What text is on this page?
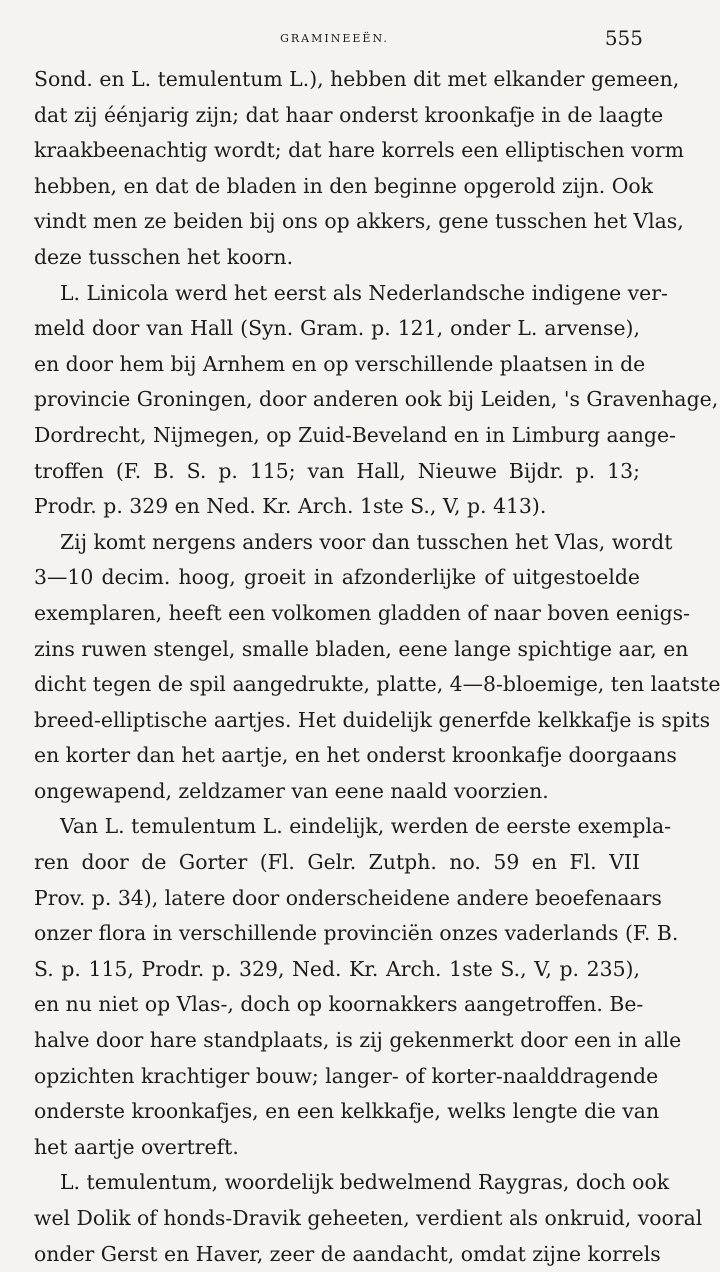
GRAMINEEËN.	555
Sond. en L. temulentum L.), hebben dit met elkander gemeen,
dat zij éénjarig zijn; dat haar onderst kroonkafje in de laagte
kraakbeenachtig wordt; dat hare korrels een elliptischen vorm
hebben, en dat de bladen in den beginne opgerold zijn. Ook
vindt men ze beiden bij ons op akkers, gene tusschen het Vlas,
deze tusschen het koorn.
L. Linicola werd het eerst als Nederlandsche indigene ver-
meld door van Hall (Syn. Gram. p. 121, onder L. arvense),
en door hem bij Arnhem en op verschillende plaatsen in de
provincie Groningen, door anderen ook bij Leiden, 's Gravenhage,
Dordrecht, Nijmegen, op Zuid-Beveland en in Limburg aange-
troffen (F. B. S. p. 115; van Hall, Nieuwe Bijdr. p. 13;
Prodr. p. 329 en Ned. Kr. Arch. 1ste S., V, p. 413).
Zij komt nergens anders voor dan tusschen het Vlas, wordt
3—10 decim. hoog, groeit in afzonderlijke of uitgestoelde
exemplaren, heeft een volkomen gladden of naar boven eenigs-
zins ruwen stengel, smalle bladen, eene lange spichtige aar, en
dicht tegen de spil aangedrukte, platte, 4—8-bloemige, ten laatste
breed-elliptische aartjes. Het duidelijk generfde kelkkafje is spits
en korter dan het aartje, en het onderst kroonkafje doorgaans
ongewapend, zeldzamer van eene naald voorzien.
Van L. temulentum L. eindelijk, werden de eerste exempla-
ren door de Gorter (Fl. Gelr. Zutph. no. 59 en Fl. VII
Prov. p. 34), latere door onderscheidene andere beoefenaars
onzer flora in verschillende provinciën onzes vaderlands (F. B.
S. p. 115, Prodr. p. 329, Ned. Kr. Arch. 1ste S., V, p. 235),
en nu niet op Vlas-, doch op koornakkers aangetroffen. Be-
halve door hare standplaats, is zij gekenmerkt door een in alle
opzichten krachtiger bouw; langer- of korter-naalddragende
onderste kroonkafjes, en een kelkkafje, welks lengte die van
het aartje overtreft.
L. temulentum, woordelijk bedwelmend Raygras, doch ook
wel Dolik of honds-Dravik geheeten, verdient als onkruid, vooral
onder Gerst en Haver, zeer de aandacht, omdat zijne korrels
